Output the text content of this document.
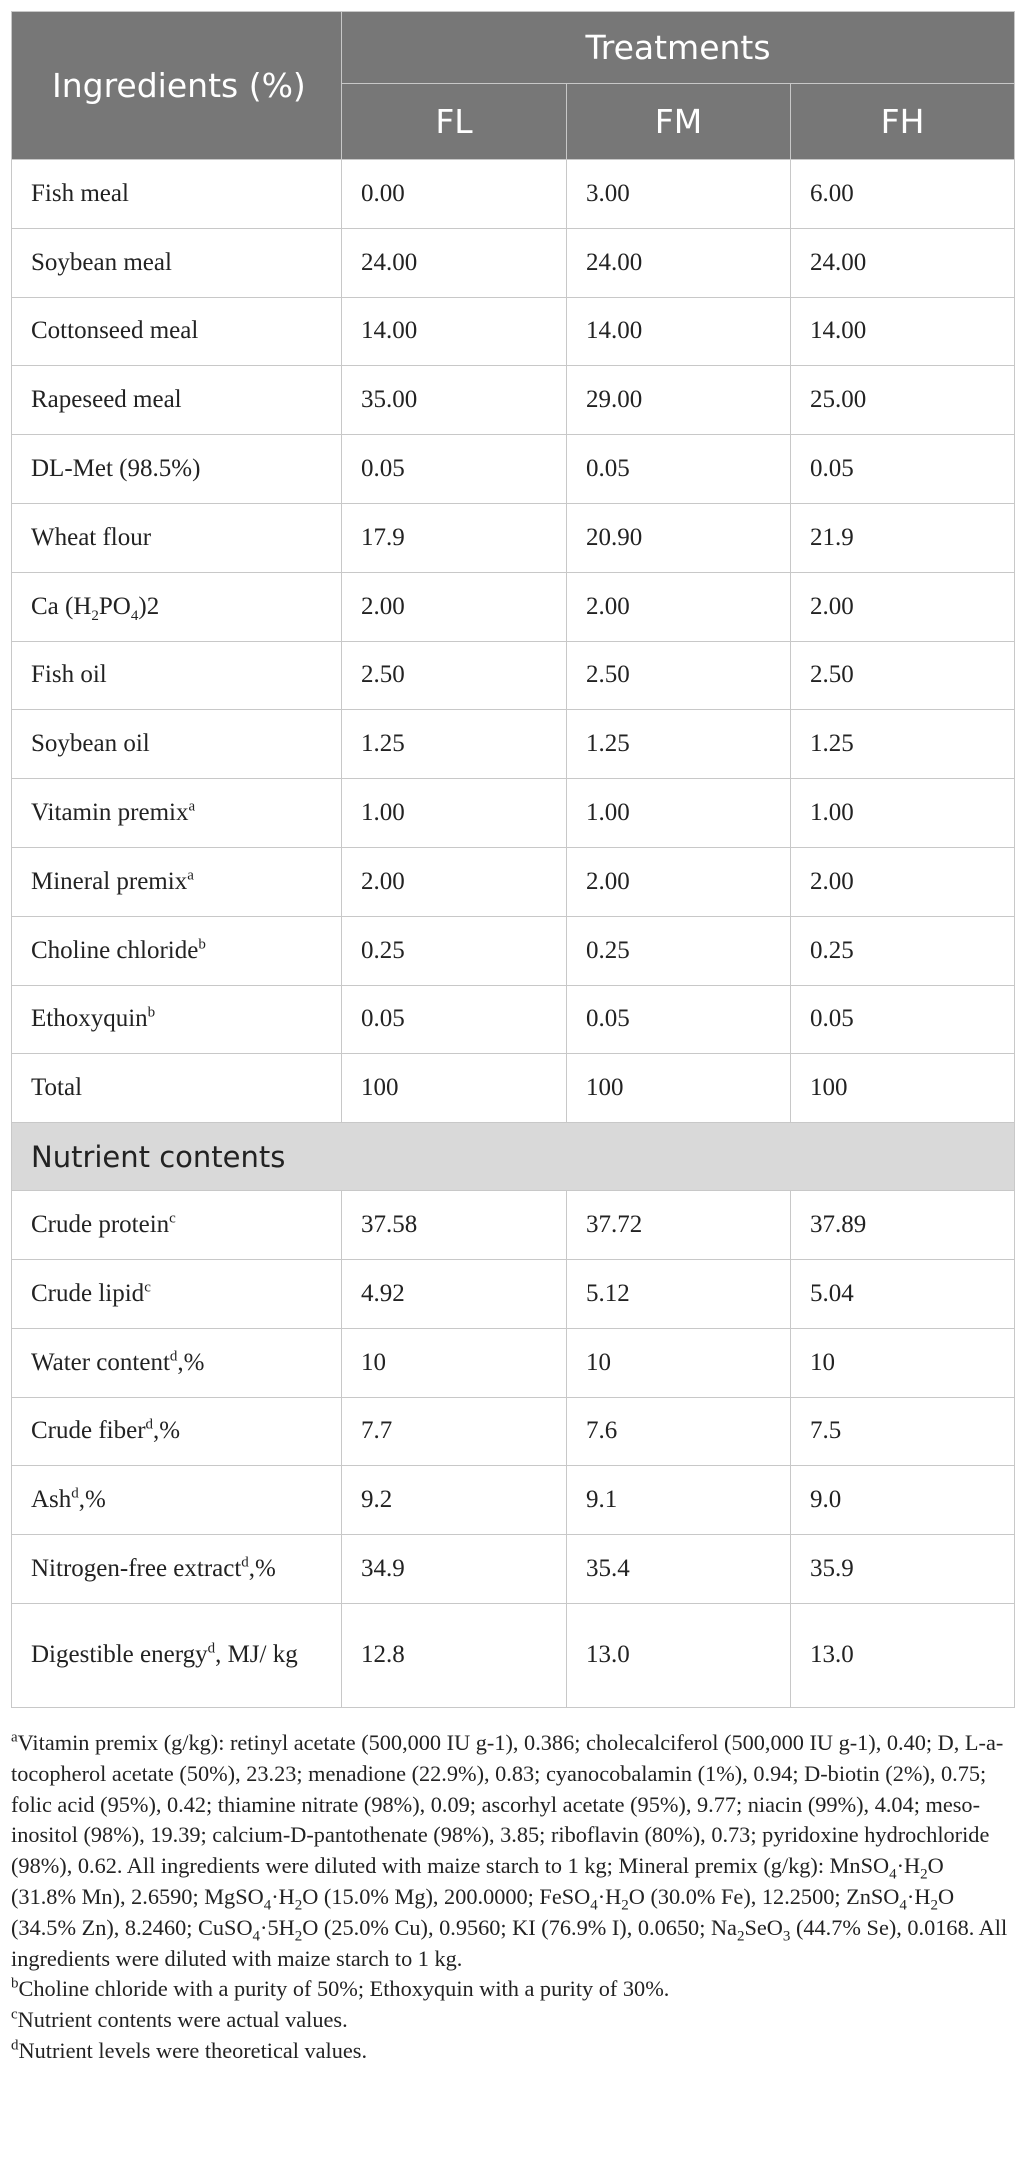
Ingredients (%)	Treatments		
	FL	FM	FH
Fish meal	0.00	3.00	6.00
Soybean meal	24.00	24.00	24.00
Cottonseed meal	14.00	14.00	14.00
Rapeseed meal	35.00	29.00	25.00
DL-Met (98.5%)	0.05	0.05	0.05
Wheat flour	17.9	20.90	21.9
Ca $(H_2PO_4)2$	2.00	2.00	2.00
Fish oil	2.50	2.50	2.50
Soybean oil	1.25	1.25	1.25
Vitamin premix$^a$	1.00	1.00	1.00
Mineral premix$^a$	2.00	2.00	2.00
Choline chloride$^b$	0.25	0.25	0.25
Ethoxyquin$^b$	0.05	0.05	0.05
Total	100	100	100
Nutrient contents			
Crude protein$^c$	37.58	37.72	37.89
Crude lipid$^c$	4.92	5.12	5.04
Water content$^d$,%	10	10	10
Crude fiber$^d$,%	7.7	7.6	7.5
Ash$^d$,%	9.2	9.1	9.0
Nitrogen-free extract$^d$,%	34.9	35.4	35.9
Digestible energy$^d$, MJ/ kg	12.8	13.0	13.0

$^a$Vitamin premix (g/kg): retinyl acetate (500,000 IU g-1), 0.386; cholecalciferol (500,000 IU g-1), 0.40; D, L-a-tocopherol acetate (50%), 23.23; menadione (22.9%), 0.83; cyanocobalamin (1%), 0.94; D-biotin (2%), 0.75; folic acid (95%), 0.42; thiamine nitrate (98%), 0.09; ascorhyl acetate (95%), 9.77; niacin (99%), 4.04; meso-inositol (98%), 19.39; calcium-D-pantothenate (98%), 3.85; riboflavin (80%), 0.73; pyridoxine hydrochloride (98%), 0.62. All ingredients were diluted with maize starch to 1 kg; Mineral premix (g/kg): $MnSO_4\cdot H_2O$ (31.8% Mn), 2.6590; $MgSO_4\cdot H_2O$ (15.0% Mg), 200.0000; $FeSO_4\cdot H_2O$ (30.0% Fe), 12.2500; $ZnSO_4\cdot H_2O$ (34.5% Zn), 8.2460; $CuSO_4\cdot 5H_2O$ (25.0% Cu), 0.9560; KI (76.9% I), 0.0650; $Na_2SeO_3$ (44.7% Se), 0.0168. All ingredients were diluted with maize starch to 1 kg.

$^b$Choline chloride with a purity of 50%; Ethoxyquin with a purity of 30%.

$^c$Nutrient contents were actual values.

$^d$Nutrient levels were theoretical values.
